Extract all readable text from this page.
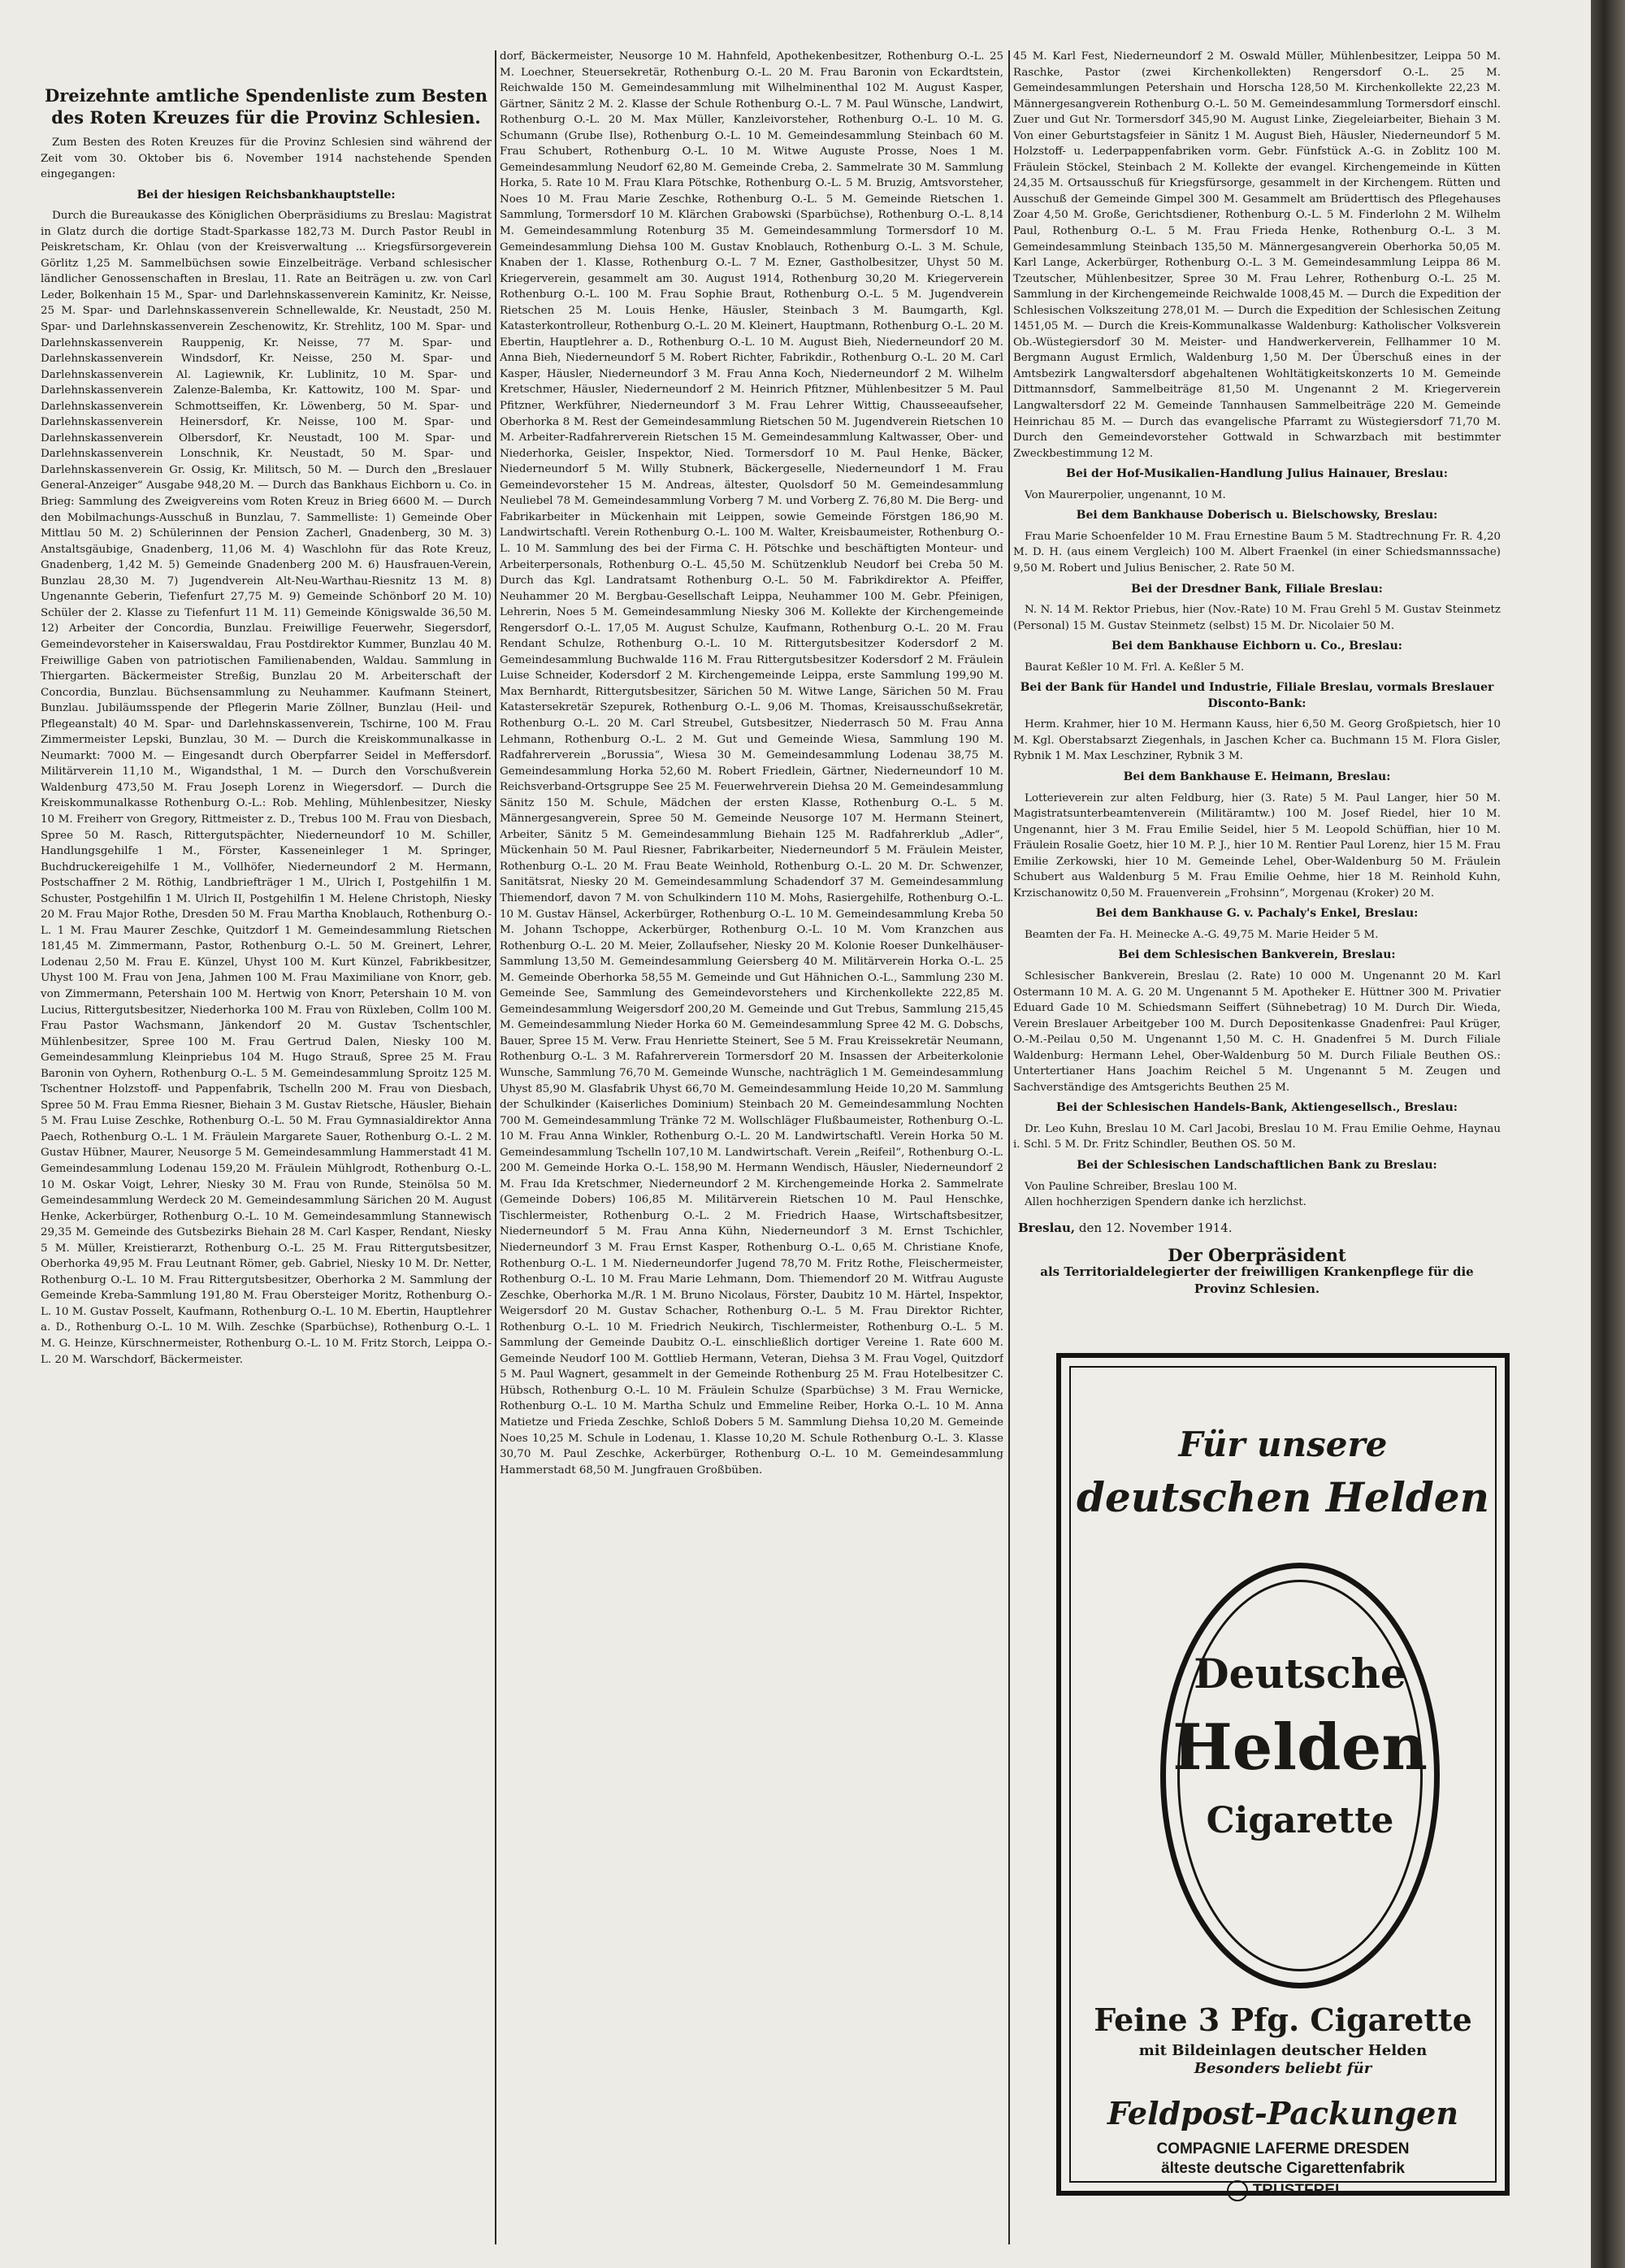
Dreizehnte amtliche Spendenliste zum Besten des Roten Kreuzes für die Provinz Schlesien.

Zum Besten des Roten Kreuzes für die Provinz Schlesien sind während der Zeit vom 30. Oktober bis 6. November 1914 nachstehende Spenden eingegangen:

Bei der hiesigen Reichsbankhauptstelle:

Durch die Bureaukasse des Königlichen Oberpräsidiums zu Breslau: Magistrat in Glatz durch die dortige Stadt-Sparkasse 182,73 M. Durch Pastor Reubl in Peiskretscham, Kr. Ohlau (von der Kreisverwaltung ... Kriegsfürsorgeverein Görlitz 1,25 M. Sammelbüchsen sowie Einzelbeiträge. Verband schlesischer ländlicher Genossenschaften in Breslau, 11. Rate an Beiträgen u. zw. von Carl Leder, Bolkenhain 15 M., Spar- und Darlehnskassenverein Kaminitz, Kr. Neisse, 25 M. Spar- und Darlehnskassenverein Schnellewalde, Kr. Neustadt, 250 M. Spar- und Darlehnskassenverein Zeschenowitz, Kr. Strehlitz, 100 M. Spar- und Darlehnskassenverein Rauppenig, Kr. Neisse, 77 M. Spar- und Darlehnskassenverein Windsdorf, Kr. Neisse, 250 M. Spar- und Darlehnskassenverein Al. Lagiewnik, Kr. Lublinitz, 10 M. Spar- und Darlehnskassenverein Zalenze-Balemba, Kr. Kattowitz, 100 M. Spar- und Darlehnskassenverein Schmottseiffen, Kr. Löwenberg, 50 M. Spar- und Darlehnskassenverein Heinersdorf, Kr. Neisse, 100 M. Spar- und Darlehnskassenverein Olbersdorf, Kr. Neustadt, 100 M. Spar- und Darlehnskassenverein Lonschnik, Kr. Neustadt, 50 M. Spar- und Darlehnskassenverein Gr. Ossig, Kr. Militsch, 50 M. — Durch den „Breslauer General-Anzeiger“ Ausgabe 948,20 M. — Durch das Bankhaus Eichborn u. Co. in Brieg: Sammlung des Zweigvereins vom Roten Kreuz in Brieg 6600 M. — Durch den Mobilmachungs-Ausschuß in Bunzlau, 7. Sammelliste: 1) Gemeinde Ober Mittlau 50 M. 2) Schülerinnen der Pension Zacherl, Gnadenberg, 30 M. 3) Anstaltsgäubige, Gnadenberg, 11,06 M. 4) Waschlohn für das Rote Kreuz, Gnadenberg, 1,42 M. 5) Gemeinde Gnadenberg 200 M. 6) Hausfrauen-Verein, Bunzlau 28,30 M. 7) Jugendverein Alt-Neu-Warthau-Riesnitz 13 M. 8) Ungenannte Geberin, Tiefenfurt 27,75 M. 9) Gemeinde Schönborf 20 M. 10) Schüler der 2. Klasse zu Tiefenfurt 11 M. 11) Gemeinde Königswalde 36,50 M. 12) Arbeiter der Concordia, Bunzlau. Freiwillige Feuerwehr, Siegersdorf, Gemeindevorsteher in Kaiserswaldau, Frau Postdirektor Kummer, Bunzlau 40 M. Freiwillige Gaben von patriotischen Familienabenden, Waldau. Sammlung in Thiergarten. Bäckermeister Streßig, Bunzlau 20 M. Arbeiterschaft der Concordia, Bunzlau. Büchsensammlung zu Neuhammer. Kaufmann Steinert, Bunzlau. Jubiläumsspende der Pflegerin Marie Zöllner, Bunzlau (Heil- und Pflegeanstalt) 40 M. Spar- und Darlehnskassenverein, Tschirne, 100 M. Frau Zimmermeister Lepski, Bunzlau, 30 M. — Durch die Kreiskommunalkasse in Neumarkt: 7000 M. — Eingesandt durch Oberpfarrer Seidel in Meffersdorf. Militärverein 11,10 M., Wigandsthal, 1 M. — Durch den Vorschußverein Waldenburg 473,50 M. Frau Joseph Lorenz in Wiegersdorf. — Durch die Kreiskommunalkasse Rothenburg O.-L.: Rob. Mehling, Mühlenbesitzer, Niesky 10 M. Freiherr von Gregory, Rittmeister z. D., Trebus 100 M. Frau von Diesbach, Spree 50 M. Rasch, Rittergutspächter, Niederneundorf 10 M. Schiller, Handlungsgehilfe 1 M., Förster, Kasseneinleger 1 M. Springer, Buchdruckereigehilfe 1 M., Vollhöfer, Niederneundorf 2 M. Hermann, Postschaffner 2 M. Röthig, Landbriefträger 1 M., Ulrich I, Postgehilfin 1 M. Schuster, Postgehilfin 1 M. Ulrich II, Postgehilfin 1 M. Helene Christoph, Niesky 20 M. Frau Major Rothe, Dresden 50 M. Frau Martha Knoblauch, Rothenburg O.-L. 1 M. Frau Maurer Zeschke, Quitzdorf 1 M. Gemeindesammlung Rietschen 181,45 M. Zimmermann, Pastor, Rothenburg O.-L. 50 M. Greinert, Lehrer, Lodenau 2,50 M. Frau E. Künzel, Uhyst 100 M. Kurt Künzel, Fabrikbesitzer, Uhyst 100 M. Frau von Jena, Jahmen 100 M. Frau Maximiliane von Knorr, geb. von Zimmermann, Petershain 100 M. Hertwig von Knorr, Petershain 10 M. von Lucius, Rittergutsbesitzer, Niederhorka 100 M. Frau von Rüxleben, Collm 100 M. Frau Pastor Wachsmann, Jänkendorf 20 M. Gustav Tschentschler, Mühlenbesitzer, Spree 100 M. Frau Gertrud Dalen, Niesky 100 M. Gemeindesammlung Kleinpriebus 104 M. Hugo Strauß, Spree 25 M. Frau Baronin von Oyhern, Rothenburg O.-L. 5 M. Gemeindesammlung Sproitz 125 M. Tschentner Holzstoff- und Pappenfabrik, Tschelln 200 M. Frau von Diesbach, Spree 50 M. Frau Emma Riesner, Biehain 3 M. Gustav Rietsche, Häusler, Biehain 5 M. Frau Luise Zeschke, Rothenburg O.-L. 50 M. Frau Gymnasialdirektor Anna Paech, Rothenburg O.-L. 1 M. Fräulein Margarete Sauer, Rothenburg O.-L. 2 M. Gustav Hübner, Maurer, Neusorge 5 M. Gemeindesammlung Hammerstadt 41 M. Gemeindesammlung Lodenau 159,20 M. Fräulein Mühlgrodt, Rothenburg O.-L. 10 M. Oskar Voigt, Lehrer, Niesky 30 M. Frau von Runde, Steinölsa 50 M. Gemeindesammlung Werdeck 20 M. Gemeindesammlung Särichen 20 M. August Henke, Ackerbürger, Rothenburg O.-L. 10 M. Gemeindesammlung Stannewisch 29,35 M. Gemeinde des Gutsbezirks Biehain 28 M. Carl Kasper, Rendant, Niesky 5 M. Müller, Kreistierarzt, Rothenburg O.-L. 25 M. Frau Rittergutsbesitzer, Oberhorka 49,95 M. Frau Leutnant Römer, geb. Gabriel, Niesky 10 M. Dr. Netter, Rothenburg O.-L. 10 M. Frau Rittergutsbesitzer, Oberhorka 2 M. Sammlung der Gemeinde Kreba-Sammlung 191,80 M. Frau Obersteiger Moritz, Rothenburg O.-L. 10 M. Gustav Posselt, Kaufmann, Rothenburg O.-L. 10 M. Ebertin, Hauptlehrer a. D., Rothenburg O.-L. 10 M. Wilh. Zeschke (Sparbüchse), Rothenburg O.-L. 1 M. G. Heinze, Kürschnermeister, Rothenburg O.-L. 10 M. Fritz Storch, Leippa O.-L. 20 M. Warschdorf, Bäckermeister.

dorf, Bäckermeister, Neusorge 10 M. Hahnfeld, Apothekenbesitzer, Rothenburg O.-L. 25 M. Loechner, Steuersekretär, Rothenburg O.-L. 20 M. Frau Baronin von Eckardtstein, Reichwalde 150 M. Gemeindesammlung mit Wilhelminenthal 102 M. August Kasper, Gärtner, Sänitz 2 M. 2. Klasse der Schule Rothenburg O.-L. 7 M. Paul Wünsche, Landwirt, Rothenburg O.-L. 20 M. Max Müller, Kanzleivorsteher, Rothenburg O.-L. 10 M. G. Schumann (Grube Ilse), Rothenburg O.-L. 10 M. Gemeindesammlung Steinbach 60 M. Frau Schubert, Rothenburg O.-L. 10 M. Witwe Auguste Prosse, Noes 1 M. Gemeindesammlung Neudorf 62,80 M. Gemeinde Creba, 2. Sammelrate 30 M. Sammlung Horka, 5. Rate 10 M. Frau Klara Pötschke, Rothenburg O.-L. 5 M. Bruzig, Amtsvorsteher, Noes 10 M. Frau Marie Zeschke, Rothenburg O.-L. 5 M. Gemeinde Rietschen 1. Sammlung, Tormersdorf 10 M. Klärchen Grabowski (Sparbüchse), Rothenburg O.-L. 8,14 M. Gemeindesammlung Rotenburg 35 M. Gemeindesammlung Tormersdorf 10 M. Gemeindesammlung Diehsa 100 M. Gustav Knoblauch, Rothenburg O.-L. 3 M. Schule, Knaben der 1. Klasse, Rothenburg O.-L. 7 M. Ezner, Gastholbesitzer, Uhyst 50 M. Kriegerverein, gesammelt am 30. August 1914, Rothenburg 30,20 M. Kriegerverein Rothenburg O.-L. 100 M. Frau Sophie Braut, Rothenburg O.-L. 5 M. Jugendverein Rietschen 25 M. Louis Henke, Häusler, Steinbach 3 M. Baumgarth, Kgl. Katasterkontrolleur, Rothenburg O.-L. 20 M. Kleinert, Hauptmann, Rothenburg O.-L. 20 M. Ebertin, Hauptlehrer a. D., Rothenburg O.-L. 10 M. August Bieh, Niederneundorf 20 M. Anna Bieh, Niederneundorf 5 M. Robert Richter, Fabrikdir., Rothenburg O.-L. 20 M. Carl Kasper, Häusler, Niederneundorf 3 M. Frau Anna Koch, Niederneundorf 2 M. Wilhelm Kretschmer, Häusler, Niederneundorf 2 M. Heinrich Pfitzner, Mühlenbesitzer 5 M. Paul Pfitzner, Werkführer, Niederneundorf 3 M. Frau Lehrer Wittig, Chausseeaufseher, Oberhorka 8 M. Rest der Gemeindesammlung Rietschen 50 M. Jugendverein Rietschen 10 M. Arbeiter-Radfahrerverein Rietschen 15 M. Gemeindesammlung Kaltwasser, Ober- und Niederhorka, Geisler, Inspektor, Nied. Tormersdorf 10 M. Paul Henke, Bäcker, Niederneundorf 5 M. Willy Stubnerk, Bäckergeselle, Niederneundorf 1 M. Frau Gemeindevorsteher 15 M. Andreas, ältester, Quolsdorf 50 M. Gemeindesammlung Neuliebel 78 M. Gemeindesammlung Vorberg 7 M. und Vorberg Z. 76,80 M. Die Berg- und Fabrikarbeiter in Mückenhain mit Leippen, sowie Gemeinde Förstgen 186,90 M. Landwirtschaftl. Verein Rothenburg O.-L. 100 M. Walter, Kreisbaumeister, Rothenburg O.-L. 10 M. Sammlung des bei der Firma C. H. Pötschke und beschäftigten Monteur- und Arbeiterpersonals, Rothenburg O.-L. 45,50 M. Schützenklub Neudorf bei Creba 50 M. Durch das Kgl. Landratsamt Rothenburg O.-L. 50 M. Fabrikdirektor A. Pfeiffer, Neuhammer 20 M. Bergbau-Gesellschaft Leippa, Neuhammer 100 M. Gebr. Pfeinigen, Lehrerin, Noes 5 M. Gemeindesammlung Niesky 306 M. Kollekte der Kirchengemeinde Rengersdorf O.-L. 17,05 M. August Schulze, Kaufmann, Rothenburg O.-L. 20 M. Frau Rendant Schulze, Rothenburg O.-L. 10 M. Rittergutsbesitzer Kodersdorf 2 M. Gemeindesammlung Buchwalde 116 M. Frau Rittergutsbesitzer Kodersdorf 2 M. Fräulein Luise Schneider, Kodersdorf 2 M. Kirchengemeinde Leippa, erste Sammlung 199,90 M. Max Bernhardt, Rittergutsbesitzer, Särichen 50 M. Witwe Lange, Särichen 50 M. Frau Katastersekretär Szepurek, Rothenburg O.-L. 9,06 M. Thomas, Kreisausschußsekretär, Rothenburg O.-L. 20 M. Carl Streubel, Gutsbesitzer, Niederrasch 50 M. Frau Anna Lehmann, Rothenburg O.-L. 2 M. Gut und Gemeinde Wiesa, Sammlung 190 M. Radfahrerverein „Borussia“, Wiesa 30 M. Gemeindesammlung Lodenau 38,75 M. Gemeindesammlung Horka 52,60 M. Robert Friedlein, Gärtner, Niederneundorf 10 M. Reichsverband-Ortsgruppe See 25 M. Feuerwehrverein Diehsa 20 M. Gemeindesammlung Sänitz 150 M. Schule, Mädchen der ersten Klasse, Rothenburg O.-L. 5 M. Männergesangverein, Spree 50 M. Gemeinde Neusorge 107 M. Hermann Steinert, Arbeiter, Sänitz 5 M. Gemeindesammlung Biehain 125 M. Radfahrerklub „Adler“, Mückenhain 50 M. Paul Riesner, Fabrikarbeiter, Niederneundorf 5 M. Fräulein Meister, Rothenburg O.-L. 20 M. Frau Beate Weinhold, Rothenburg O.-L. 20 M. Dr. Schwenzer, Sanitätsrat, Niesky 20 M. Gemeindesammlung Schadendorf 37 M. Gemeindesammlung Thiemendorf, davon 7 M. von Schulkindern 110 M. Mohs, Rasiergehilfe, Rothenburg O.-L. 10 M. Gustav Hänsel, Ackerbürger, Rothenburg O.-L. 10 M. Gemeindesammlung Kreba 50 M. Johann Tschoppe, Ackerbürger, Rothenburg O.-L. 10 M. Vom Kranzchen aus Rothenburg O.-L. 20 M. Meier, Zollaufseher, Niesky 20 M. Kolonie Roeser Dunkelhäuser-Sammlung 13,50 M. Gemeindesammlung Geiersberg 40 M. Militärverein Horka O.-L. 25 M. Gemeinde Oberhorka 58,55 M. Gemeinde und Gut Hähnichen O.-L., Sammlung 230 M. Gemeinde See, Sammlung des Gemeindevorstehers und Kirchenkollekte 222,85 M. Gemeindesammlung Weigersdorf 200,20 M. Gemeinde und Gut Trebus, Sammlung 215,45 M. Gemeindesammlung Nieder Horka 60 M. Gemeindesammlung Spree 42 M. G. Dobschs, Bauer, Spree 15 M. Verw. Frau Henriette Steinert, See 5 M. Frau Kreissekretär Neumann, Rothenburg O.-L. 3 M. Rafahrerverein Tormersdorf 20 M. Insassen der Arbeiterkolonie Wunsche, Sammlung 76,70 M. Gemeinde Wunsche, nachträglich 1 M. Gemeindesammlung Uhyst 85,90 M. Glasfabrik Uhyst 66,70 M. Gemeindesammlung Heide 10,20 M. Sammlung der Schulkinder (Kaiserliches Dominium) Steinbach 20 M. Gemeindesammlung Nochten 700 M. Gemeindesammlung Tränke 72 M. Wollschläger Flußbaumeister, Rothenburg O.-L. 10 M. Frau Anna Winkler, Rothenburg O.-L. 20 M. Landwirtschaftl. Verein Horka 50 M. Gemeindesammlung Tschelln 107,10 M. Landwirtschaft. Verein „Reifeil“, Rothenburg O.-L. 200 M. Gemeinde Horka O.-L. 158,90 M. Hermann Wendisch, Häusler, Niederneundorf 2 M. Frau Ida Kretschmer, Niederneundorf 2 M. Kirchengemeinde Horka 2. Sammelrate (Gemeinde Dobers) 106,85 M. Militärverein Rietschen 10 M. Paul Henschke, Tischlermeister, Rothenburg O.-L. 2 M. Friedrich Haase, Wirtschaftsbesitzer, Niederneundorf 5 M. Frau Anna Kühn, Niederneundorf 3 M. Ernst Tschichler, Niederneundorf 3 M. Frau Ernst Kasper, Rothenburg O.-L. 0,65 M. Christiane Knofe, Rothenburg O.-L. 1 M. Niederneundorfer Jugend 78,70 M. Fritz Rothe, Fleischermeister, Rothenburg O.-L. 10 M. Frau Marie Lehmann, Dom. Thiemendorf 20 M. Witfrau Auguste Zeschke, Oberhorka M./R. 1 M. Bruno Nicolaus, Förster, Daubitz 10 M. Härtel, Inspektor, Weigersdorf 20 M. Gustav Schacher, Rothenburg O.-L. 5 M. Frau Direktor Richter, Rothenburg O.-L. 10 M. Friedrich Neukirch, Tischlermeister, Rothenburg O.-L. 5 M. Sammlung der Gemeinde Daubitz O.-L. einschließlich dortiger Vereine 1. Rate 600 M. Gemeinde Neudorf 100 M. Gottlieb Hermann, Veteran, Diehsa 3 M. Frau Vogel, Quitzdorf 5 M. Paul Wagnert, gesammelt in der Gemeinde Rothenburg 25 M. Frau Hotelbesitzer C. Hübsch, Rothenburg O.-L. 10 M. Fräulein Schulze (Sparbüchse) 3 M. Frau Wernicke, Rothenburg O.-L. 10 M. Martha Schulz und Emmeline Reiber, Horka O.-L. 10 M. Anna Matietze und Frieda Zeschke, Schloß Dobers 5 M. Sammlung Diehsa 10,20 M. Gemeinde Noes 10,25 M. Schule in Lodenau, 1. Klasse 10,20 M. Schule Rothenburg O.-L. 3. Klasse 30,70 M. Paul Zeschke, Ackerbürger, Rothenburg O.-L. 10 M. Gemeindesammlung Hammerstadt 68,50 M. Jungfrauen Großbüben.

45 M. Karl Fest, Niederneundorf 2 M. Oswald Müller, Mühlenbesitzer, Leippa 50 M. Raschke, Pastor (zwei Kirchenkollekten) Rengersdorf O.-L. 25 M. Gemeindesammlungen Petershain und Horscha 128,50 M. Kirchenkollekte 22,23 M. Männergesangverein Rothenburg O.-L. 50 M. Gemeindesammlung Tormersdorf einschl. Zuer und Gut Nr. Tormersdorf 345,90 M. August Linke, Ziegeleiarbeiter, Biehain 3 M. Von einer Geburtstagsfeier in Sänitz 1 M. August Bieh, Häusler, Niederneundorf 5 M. Holzstoff- u. Lederpappenfabriken vorm. Gebr. Fünfstück A.-G. in Zoblitz 100 M. Fräulein Stöckel, Steinbach 2 M. Kollekte der evangel. Kirchengemeinde in Kütten 24,35 M. Ortsausschuß für Kriegsfürsorge, gesammelt in der Kirchengem. Rütten und Ausschuß der Gemeinde Gimpel 300 M. Gesammelt am Brüderttisch des Pflegehauses Zoar 4,50 M. Große, Gerichtsdiener, Rothenburg O.-L. 5 M. Finderlohn 2 M. Wilhelm Paul, Rothenburg O.-L. 5 M. Frau Frieda Henke, Rothenburg O.-L. 3 M. Gemeindesammlung Steinbach 135,50 M. Männergesangverein Oberhorka 50,05 M. Karl Lange, Ackerbürger, Rothenburg O.-L. 3 M. Gemeindesammlung Leippa 86 M. Tzeutscher, Mühlenbesitzer, Spree 30 M. Frau Lehrer, Rothenburg O.-L. 25 M. Sammlung in der Kirchengemeinde Reichwalde 1008,45 M. — Durch die Expedition der Schlesischen Volkszeitung 278,01 M. — Durch die Expedition der Schlesischen Zeitung 1451,05 M. — Durch die Kreis-Kommunalkasse Waldenburg: Katholischer Volksverein Ob.-Wüstegiersdorf 30 M. Meister- und Handwerkerverein, Fellhammer 10 M. Bergmann August Ermlich, Waldenburg 1,50 M. Der Überschuß eines in der Amtsbezirk Langwaltersdorf abgehaltenen Wohltätigkeitskonzerts 10 M. Gemeinde Dittmannsdorf, Sammelbeiträge 81,50 M. Ungenannt 2 M. Kriegerverein Langwaltersdorf 22 M. Gemeinde Tannhausen Sammelbeiträge 220 M. Gemeinde Heinrichau 85 M. — Durch das evangelische Pfarramt zu Wüstegiersdorf 71,70 M. Durch den Gemeindevorsteher Gottwald in Schwarzbach mit bestimmter Zweckbestimmung 12 M.

Bei der Hof-Musikalien-Handlung Julius Hainauer, Breslau:

Von Maurerpolier, ungenannt, 10 M.

Bei dem Bankhause Doberisch u. Bielschowsky, Breslau:

Frau Marie Schoenfelder 10 M. Frau Ernestine Baum 5 M. Stadtrechnung Fr. R. 4,20 M. D. H. (aus einem Vergleich) 100 M. Albert Fraenkel (in einer Schiedsmannssache) 9,50 M. Robert und Julius Benischer, 2. Rate 50 M.

Bei der Dresdner Bank, Filiale Breslau:

N. N. 14 M. Rektor Priebus, hier (Nov.-Rate) 10 M. Frau Grehl 5 M. Gustav Steinmetz (Personal) 15 M. Gustav Steinmetz (selbst) 15 M. Dr. Nicolaier 50 M.

Bei dem Bankhause Eichborn u. Co., Breslau:

Baurat Keßler 10 M. Frl. A. Keßler 5 M.

Bei der Bank für Handel und Industrie, Filiale Breslau, vormals Breslauer Disconto-Bank:

Herm. Krahmer, hier 10 M. Hermann Kauss, hier 6,50 M. Georg Großpietsch, hier 10 M. Kgl. Oberstabsarzt Ziegenhals, in Jaschen Kcher ca. Buchmann 15 M. Flora Gisler, Rybnik 1 M. Max Leschziner, Rybnik 3 M.

Bei dem Bankhause E. Heimann, Breslau:

Lotterieverein zur alten Feldburg, hier (3. Rate) 5 M. Paul Langer, hier 50 M. Magistratsunterbeamtenverein (Militäramtw.) 100 M. Josef Riedel, hier 10 M. Ungenannt, hier 3 M. Frau Emilie Seidel, hier 5 M. Leopold Schüffian, hier 10 M. Fräulein Rosalie Goetz, hier 10 M. P. J., hier 10 M. Rentier Paul Lorenz, hier 15 M. Frau Emilie Zerkowski, hier 10 M. Gemeinde Lehel, Ober-Waldenburg 50 M. Fräulein Schubert aus Waldenburg 5 M. Frau Emilie Oehme, hier 18 M. Reinhold Kuhn, Krzischanowitz 0,50 M. Frauenverein „Frohsinn“, Morgenau (Kroker) 20 M.

Bei dem Bankhause G. v. Pachaly's Enkel, Breslau:

Beamten der Fa. H. Meinecke A.-G. 49,75 M. Marie Heider 5 M.

Bei dem Schlesischen Bankverein, Breslau:

Schlesischer Bankverein, Breslau (2. Rate) 10 000 M. Ungenannt 20 M. Karl Ostermann 10 M. A. G. 20 M. Ungenannt 5 M. Apotheker E. Hüttner 300 M. Privatier Eduard Gade 10 M. Schiedsmann Seiffert (Sühnebetrag) 10 M. Durch Dir. Wieda, Verein Breslauer Arbeitgeber 100 M. Durch Depositenkasse Gnadenfrei: Paul Krüger, O.-M.-Peilau 0,50 M. Ungenannt 1,50 M. C. H. Gnadenfrei 5 M. Durch Filiale Waldenburg: Hermann Lehel, Ober-Waldenburg 50 M. Durch Filiale Beuthen OS.: Untertertianer Hans Joachim Reichel 5 M. Ungenannt 5 M. Zeugen und Sachverständige des Amtsgerichts Beuthen 25 M.

Bei der Schlesischen Handels-Bank, Aktiengesellsch., Breslau:

Dr. Leo Kuhn, Breslau 10 M. Carl Jacobi, Breslau 10 M. Frau Emilie Oehme, Haynau i. Schl. 5 M. Dr. Fritz Schindler, Beuthen OS. 50 M.

Bei der Schlesischen Landschaftlichen Bank zu Breslau:

Von Pauline Schreiber, Breslau 100 M.

Allen hochherzigen Spendern danke ich herzlichst.

Breslau, den 12. November 1914.
Der Oberpräsident
als Territorialdelegierter der freiwilligen Krankenpflege für die Provinz Schlesien.
Für unsere
deutschen Helden
Deutsche
Helden
Cigarette
Feine 3 Pfg. Cigarette
mit Bildeinlagen deutscher Helden
Besonders beliebt für
Feldpost-Packungen
COMPAGNIE LAFERME DRESDEN
älteste deutsche Cigarettenfabrik
TRUSTFREI
